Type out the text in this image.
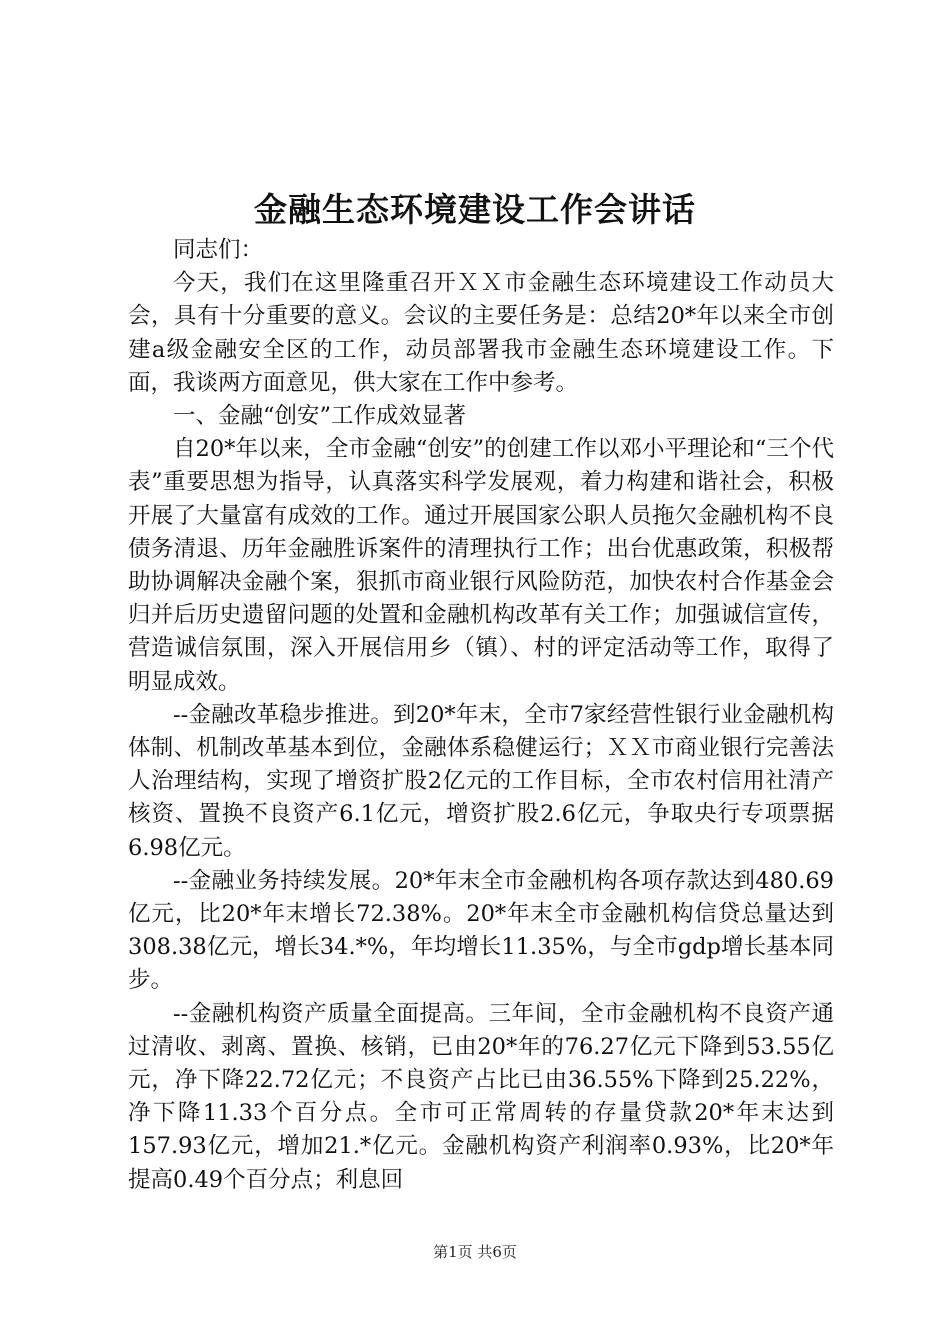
金融生态环境建设工作会讲话

同志们：

今天，我们在这里隆重召开ＸＸ市金融生态环境建设工作动员大会，具有十分重要的意义。会议的主要任务是：总结20*年以来全市创建a级金融安全区的工作，动员部署我市金融生态环境建设工作。下面，我谈两方面意见，供大家在工作中参考。

一、金融“创安”工作成效显著

自20*年以来，全市金融“创安”的创建工作以邓小平理论和“三个代表”重要思想为指导，认真落实科学发展观，着力构建和谐社会，积极开展了大量富有成效的工作。通过开展国家公职人员拖欠金融机构不良债务清退、历年金融胜诉案件的清理执行工作；出台优惠政策，积极帮助协调解决金融个案，狠抓市商业银行风险防范，加快农村合作基金会归并后历史遗留问题的处置和金融机构改革有关工作；加强诚信宣传，营造诚信氛围，深入开展信用乡（镇）、村的评定活动等工作，取得了明显成效。

--金融改革稳步推进。到20*年末，全市7家经营性银行业金融机构体制、机制改革基本到位，金融体系稳健运行；ＸＸ市商业银行完善法人治理结构，实现了增资扩股2亿元的工作目标，全市农村信用社清产核资、置换不良资产6.1亿元，增资扩股2.6亿元，争取央行专项票据6.98亿元。

--金融业务持续发展。20*年末全市金融机构各项存款达到480.69亿元，比20*年末增长72.38%。20*年末全市金融机构信贷总量达到308.38亿元，增长34.*%，年均增长11.35%，与全市gdp增长基本同步。

--金融机构资产质量全面提高。三年间，全市金融机构不良资产通过清收、剥离、置换、核销，已由20*年的76.27亿元下降到53.55亿元，净下降22.72亿元；不良资产占比已由36.55%下降到25.22%，净下降11.33个百分点。全市可正常周转的存量贷款20*年末达到157.93亿元，增加21.*亿元。金融机构资产利润率0.93%，比20*年提高0.49个百分点；利息回

第1页 共6页
